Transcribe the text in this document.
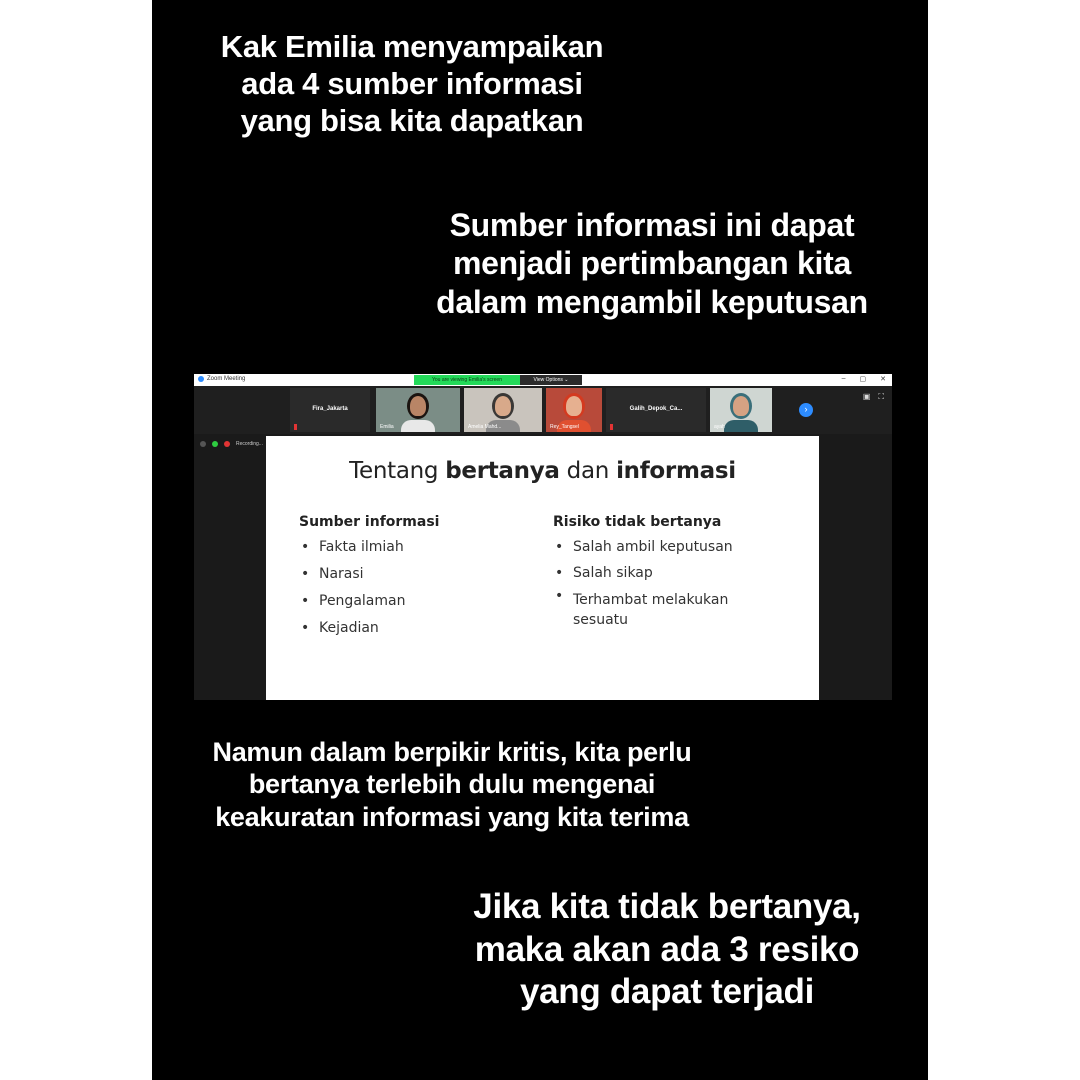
Kak Emilia menyampaikan
ada 4 sumber informasi
yang bisa kita dapatkan
Sumber informasi ini dapat
menjadi pertimbangan kita
dalam mengambil keputusan
Namun dalam berpikir kritis, kita perlu
bertanya terlebih dulu mengenai
keakuratan informasi yang kita terima
Jika kita tidak bertanya,
maka akan ada 3 resiko
yang dapat terjadi
Zoom Meeting	You are viewing Emilia's screen	View Options ⌄	– ▢ ✕
Fira_Jakarta
Emilia	Amelia Mahd...	Rey_Tangsel
Galih_Depok_Ca...
ayah
›
▣ ⛶
Recording...
Tentang bertanya dan informasi
Sumber informasi
• Fakta ilmiah
• Narasi
• Pengalaman
• Kejadian
Risiko tidak bertanya
• Salah ambil keputusan
• Salah sikap
• Terhambat melakukan sesuatu
